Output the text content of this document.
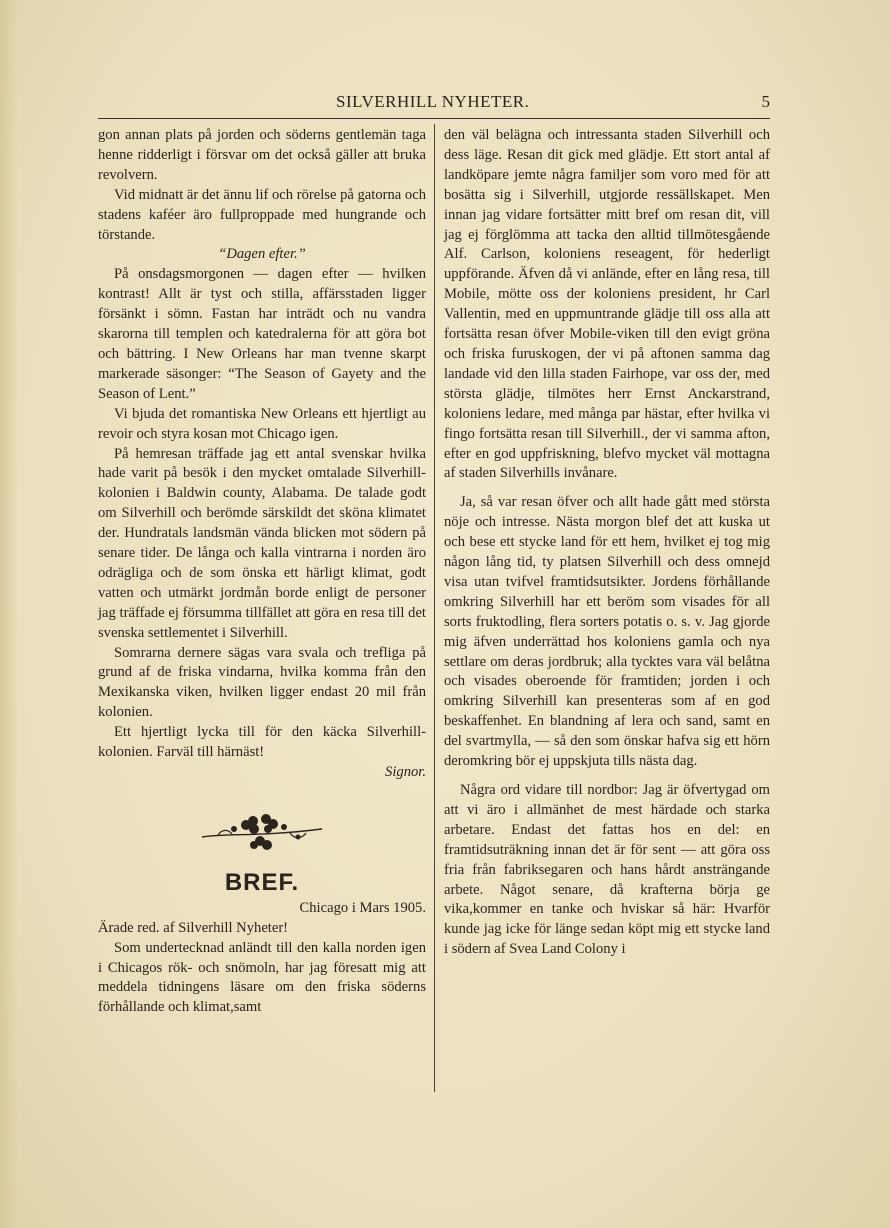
SILVERHILL NYHETER.	5

gon annan plats på jorden och söderns gentlemän taga henne ridderligt i försvar om det också gäller att bruka revolvern.

Vid midnatt är det ännu lif och rörelse på gatorna och stadens kaféer äro fullproppade med hungrande och törstande.

“Dagen efter.”

På onsdagsmorgonen — dagen efter — hvilken kontrast! Allt är tyst och stilla, affärsstaden ligger försänkt i sömn. Fastan har inträdt och nu vandra skarorna till templen och katedralerna för att göra bot och bättring. I New Orleans har man tvenne skarpt markerade säsonger: “The Season of Gayety and the Season of Lent.”

Vi bjuda det romantiska New Orleans ett hjertligt au revoir och styra kosan mot Chicago igen.

På hemresan träffade jag ett antal svenskar hvilka hade varit på besök i den mycket omtalade Silverhill-kolonien i Baldwin county, Alabama. De talade godt om Silverhill och berömde särskildt det sköna klimatet der. Hundratals landsmän vända blicken mot södern på senare tider. De långa och kalla vintrarna i norden äro odrägliga och de som önska ett härligt klimat, godt vatten och utmärkt jordmån borde enligt de personer jag träffade ej försumma tillfället att göra en resa till det svenska settlementet i Silverhill.

Somrarna dernere sägas vara svala och trefliga på grund af de friska vindarna, hvilka komma från den Mexikanska viken, hvilken ligger endast 20 mil från kolonien.

Ett hjertligt lycka till för den käcka Silverhill-kolonien. Farväl till härnäst!

Signor.

BREF.

Chicago i Mars 1905.

Ärade red. af Silverhill Nyheter!

Som undertecknad anländt till den kalla norden igen i Chicagos rök- och snömoln, har jag föresatt mig att meddela tidningens läsare om den friska söderns förhållande och klimat,samt

den väl belägna och intressanta staden Silverhill och dess läge. Resan dit gick med glädje. Ett stort antal af landköpare jemte några familjer som voro med för att bosätta sig i Silverhill, utgjorde ressällskapet. Men innan jag vidare fortsätter mitt bref om resan dit, vill jag ej förglömma att tacka den alltid tillmötesgående Alf. Carlson, koloniens reseagent, för hederligt uppförande. Äfven då vi anlände, efter en lång resa, till Mobile, mötte oss der koloniens president, hr Carl Vallentin, med en uppmuntrande glädje till oss alla att fortsätta resan öfver Mobile-viken till den evigt gröna och friska furuskogen, der vi på aftonen samma dag landade vid den lilla staden Fairhope, var oss der, med största glädje, tilmötes herr Ernst Anckarstrand, koloniens ledare, med många par hästar, efter hvilka vi fingo fortsätta resan till Silverhill., der vi samma afton, efter en god uppfriskning, blefvo mycket väl mottagna af staden Silverhills invånare.

Ja, så var resan öfver och allt hade gått med största nöje och intresse. Nästa morgon blef det att kuska ut och bese ett stycke land för ett hem, hvilket ej tog mig någon lång tid, ty platsen Silverhill och dess omnejd visa utan tvifvel framtidsutsikter. Jordens förhållande omkring Silverhill har ett beröm som visades för all sorts fruktodling, flera sorters potatis o. s. v. Jag gjorde mig äfven underrättad hos koloniens gamla och nya settlare om deras jordbruk; alla tycktes vara väl belåtna och visades oberoende för framtiden; jorden i och omkring Silverhill kan presenteras som af en god beskaffenhet. En blandning af lera och sand, samt en del svartmylla, — så den som önskar hafva sig ett hörn deromkring bör ej uppskjuta tills nästa dag.

Några ord vidare till nordbor: Jag är öfvertygad om att vi äro i allmänhet de mest härdade och starka arbetare. Endast det fattas hos en del: en framtidsuträkning innan det är för sent — att göra oss fria från fabriksegaren och hans hårdt ansträngande arbete. Något senare, då krafterna börja ge vika,kommer en tanke och hviskar så här: Hvarför kunde jag icke för länge sedan köpt mig ett stycke land i södern af Svea Land Colony i
